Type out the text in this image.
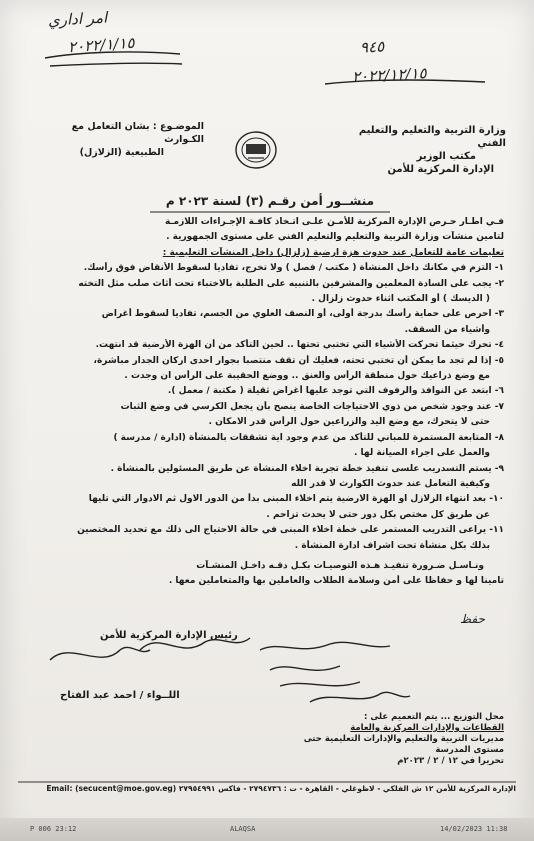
امر اداري
٢٠٢٢/١/١٥	٩٤٥
٢٠٢٢/١٢/١٥
وزارة التربية والتعليم والتعليم الفني
مكتب الوزير
الإدارة المركزية للأمن
الموضـوع : بشان التعامل مع الكـوارث
الطبيعية (الزلازل)
منشــور أمن رقـم (٣) لسنة ٢٠٢٣ م

فـي اطـار حـرص الإدارة المركزية للأمـن علـى اتـخاذ كافـة الإجـراءات اللازمـة

لتامين منشآت وزارة التربية والتعليم والتعليم الفني على مستوى الجمهورية .

تعليمات عامة للتعامل عند حدوث هزة ارضية (زلزال) داخل المنشآت التعليمية :

١- التزم في مكانك داخل المنشأة ( مكتب / فصل ) ولا تخرج، تفاديا لسقوط الأنقاض فوق رأسك.

٢- يجب على السادة المعلمين والمشرفين بالتنبيه على الطلبة بالاختباء تحت أثاث صلب مثل التخته

( الديسك ) أو المكتب اثناء حدوث زلزال .

٣- احرص على حماية رأسك بدرجة أولى، أو النصف العلوي من الجسم، تفاديا لسقوط أغراض

وأشياء من السقف.

٤- تحرك حيثما تحركت الأشياء التي تختبي تحتها .. لحين التأكد من أن الهزة الأرضية قد انتهت.

٥- إذا لم تجد ما يمكن أن تختبي تحته، فعليك أن تقف منتصبا بجوار احدى اركان الجدار مباشرة،

مع وضع ذراعيك حول منطقة الرأس والعنق .. ووضع الحقيبة على الرأس ان وجدت .

٦- ابتعد عن النوافذ والرفوف التي توجد عليها أغراض ثقيلة ( مكتبة / معمل ).

٧- عند وجود شخص من ذوي الاحتياجات الخاصة ينصح بأن يجعل الكرسي في وضع الثبات

حتى لا يتحرك، مع وضع اليد والزراعين حول الرأس قدر الامكان .

٨- المتابعة المستمرة للمباني للتأكد من عدم وجود اية تشققات بالمنشأة (ادارة / مدرسة )

والعمل على اجراء الصيانة لها .

٩- يستم التسدريب علسى تنفيذ خطة تجربة اخلاء المنشأة عن طريق المسئولين بالمنشأة .

وكيفية التعامل عند حدوث الكوارث لا قدر الله

١٠- بعد انتهاء الزلازل او الهزة الارضية يتم اخلاء المبنى بدأ من الدور الاول ثم الادوار التي تليها

عن طريق كل مختص بكل دور حتى لا يحدث تزاحم .

١١- يراعى التدريب المستمر على خطة اخلاء المبنى في حالة الاحتياج الى ذلك مع تحديد المختصين

بذلك بكل منشأة تحت اشراف ادارة المنشأة .

ونـاسـل ضـرورة تنفيـذ هـذه التوصيـات بكـل دقـه داخـل المنشـآت

تامينا لها و حفاظا على أمن وسلامة الطلاب والعاملين بها والمتعاملين معها .

حفظ
رئيس الإدارة المركزية للأمن
اللــواء / احمد عبد الفتاح

محل التوزيع ... يتم التعميم على :

القطاعات والإدارات المركزية والعامة

مديريات التربية والتعليم والإدارات التعليمية حتى مستوى المدرسة

تحريرا في ١٢ / ٢ / ٢٠٢٣م

الإدارة المركزية للأمن ١٢ ش الفلكي - لاظوغلي - القاهرة - ت : ٢٧٩٤٧٣٦ - فاكس ٢٧٩٥٤٩٩١ Email: (secucent@moe.gov.eg)
14/02/2023 11:38
ALAQSA
P 006 23:12
